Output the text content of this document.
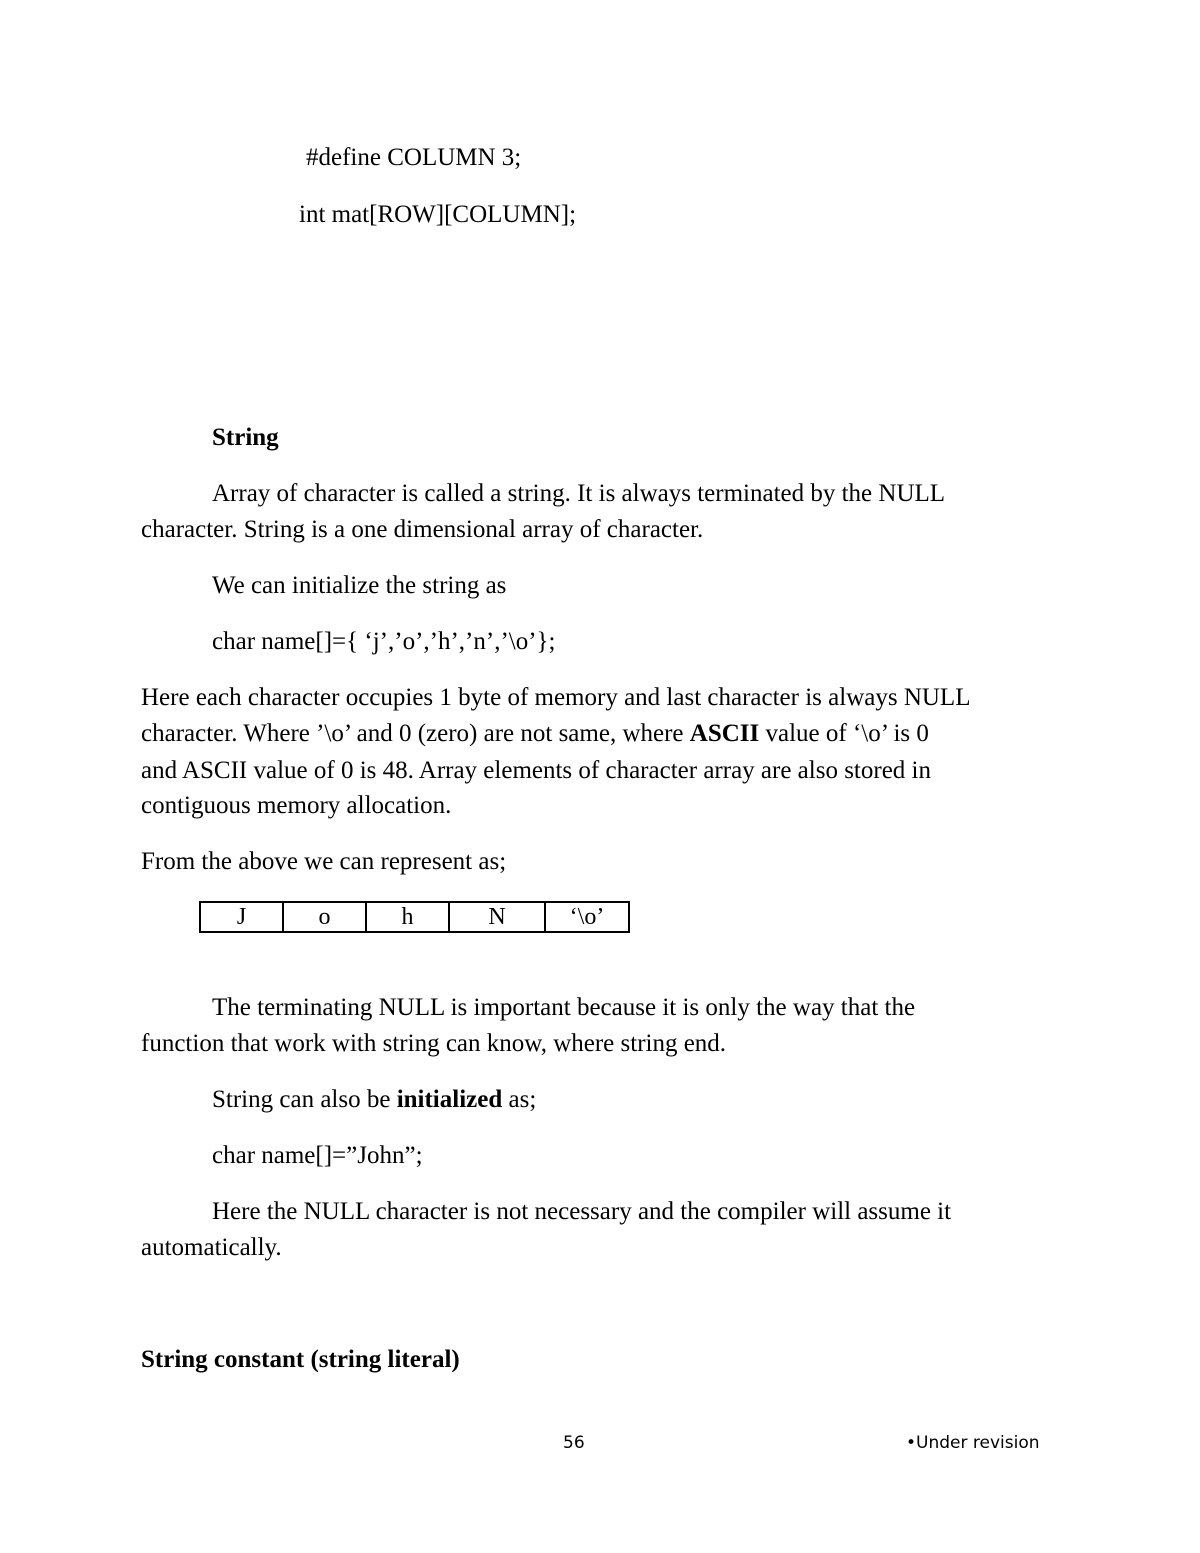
#define COLUMN 3;
int mat[ROW][COLUMN];
String
Array of character is called a string. It is always terminated by the NULL
character. String is a one dimensional array of character.
We can initialize the string as
char name[]={ ‘j’,’o’,’h’,’n’,’\o’};
Here each character occupies 1 byte of memory and last character is always NULL
character. Where ’\o’ and 0 (zero) are not same, where ASCII value of ‘\o’ is 0
and ASCII value of 0 is 48. Array elements of character array are also stored in
contiguous memory allocation.
From the above we can represent as;
J	o	h	N	‘\o’
The terminating NULL is important because it is only the way that the
function that work with string can know, where string end.
String can also be initialized as;
char name[]=”John”;
Here the NULL character is not necessary and the compiler will assume it
automatically.
String constant (string literal)
56	•Under revision
